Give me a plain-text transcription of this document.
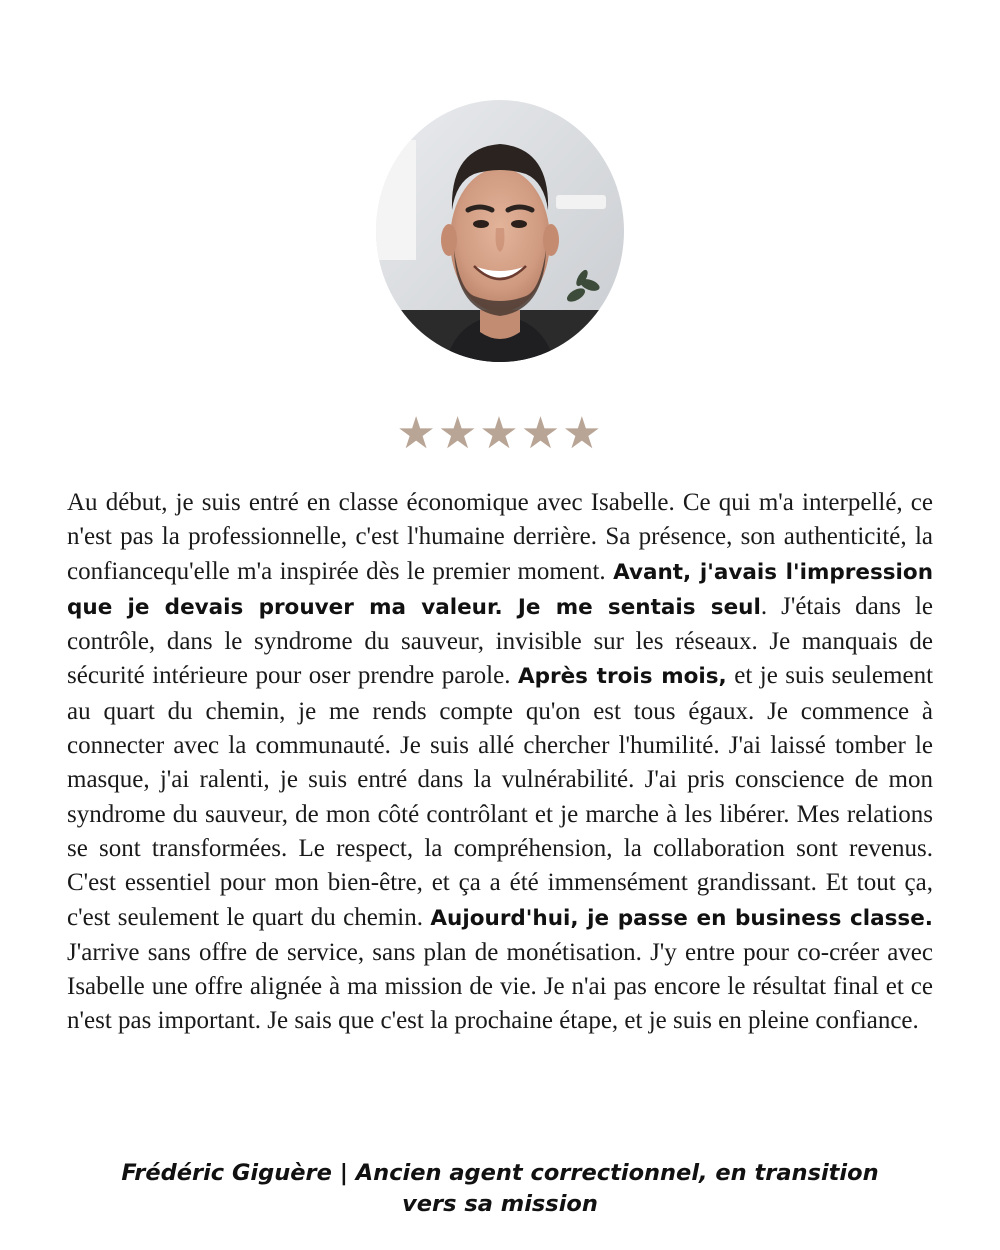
★★★★★

Au début, je suis entré en classe économique avec Isabelle. Ce qui m'a interpellé, ce n'est pas la professionnelle, c'est l'humaine derrière. Sa présence, son authenticité, la confiancequ'elle m'a inspirée dès le premier moment. Avant, j'avais l'impression que je devais prouver ma valeur. Je me sentais seul. J'étais dans le contrôle, dans le syndrome du sauveur, invisible sur les réseaux. Je manquais de sécurité intérieure pour oser prendre parole. Après trois mois, et je suis seulement au quart du chemin, je me rends compte qu'on est tous égaux. Je commence à connecter avec la communauté. Je suis allé chercher l'humilité. J'ai laissé tomber le masque, j'ai ralenti, je suis entré dans la vulnérabilité. J'ai pris conscience de mon syndrome du sauveur, de mon côté contrôlant et je marche à les libérer. Mes relations se sont transformées. Le respect, la compréhension, la collaboration sont revenus. C'est essentiel pour mon bien-être, et ça a été immensément grandissant. Et tout ça, c'est seulement le quart du chemin. Aujourd'hui, je passe en business classe. J'arrive sans offre de service, sans plan de monétisation. J'y entre pour co-créer avec Isabelle une offre alignée à ma mission de vie. Je n'ai pas encore le résultat final et ce n'est pas important. Je sais que c'est la prochaine étape, et je suis en pleine confiance.

Frédéric Giguère | Ancien agent correctionnel, en transition
vers sa mission
